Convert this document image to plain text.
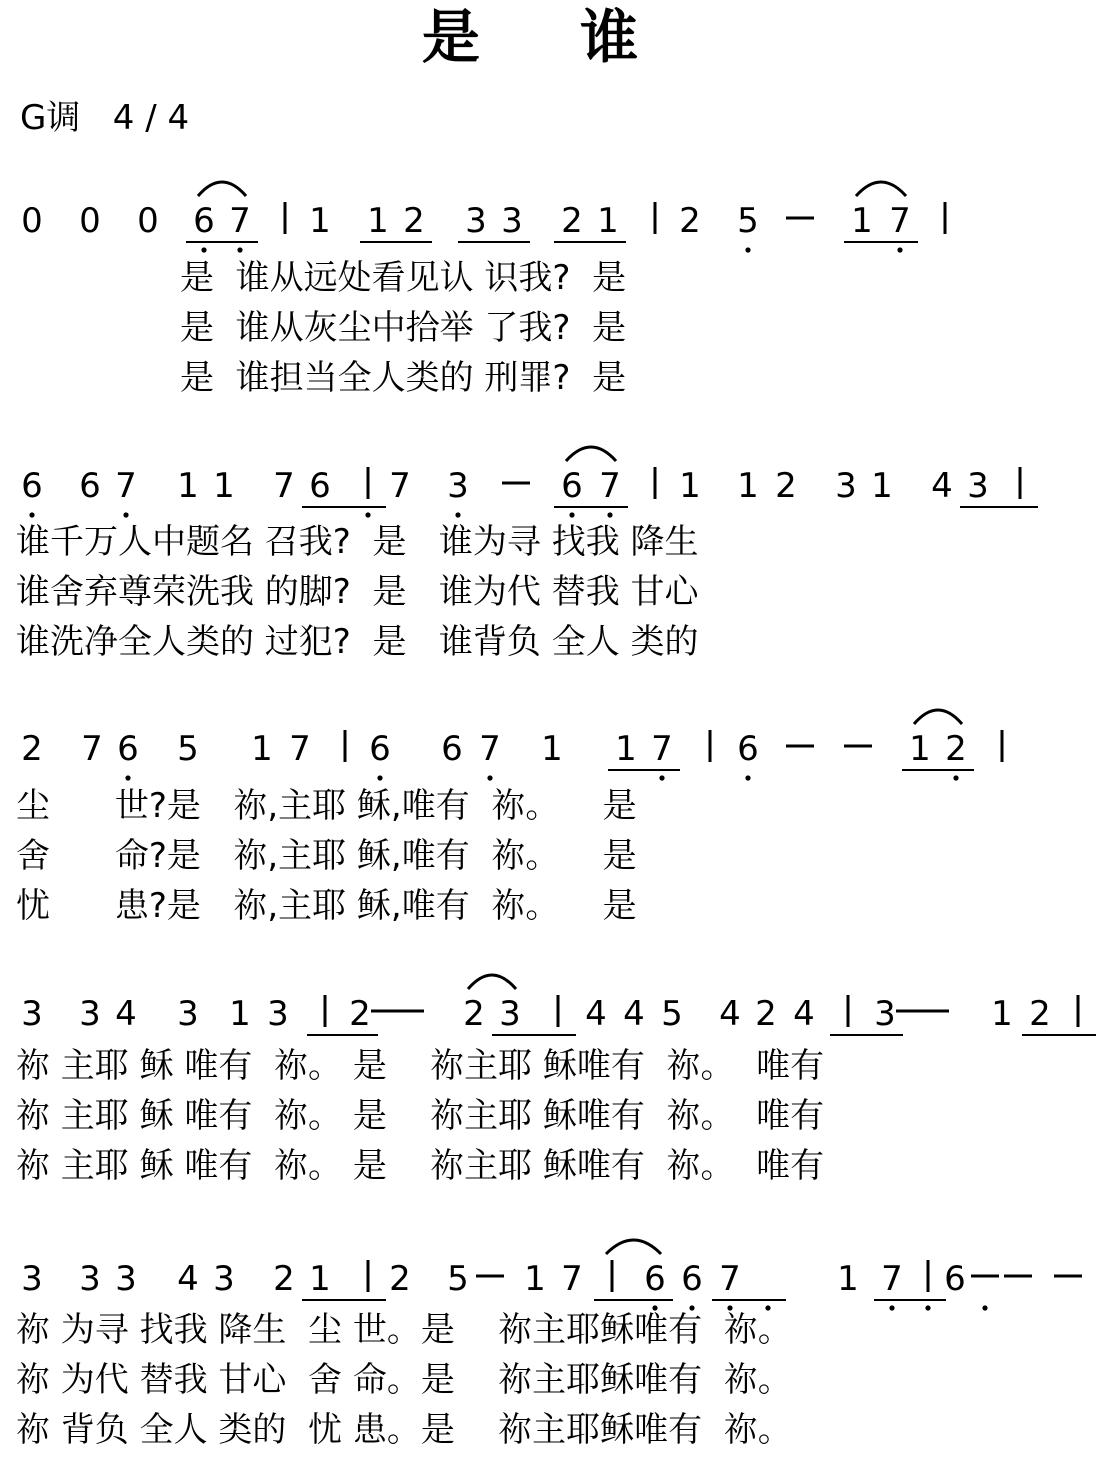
是 谁
G调   4 / 4
0 0 0 6 7 1 1 2 3 3 2 1 2 5	1 7
是  谁从远处看见认 识我?  是
是  谁从灰尘中拾举 了我?  是
是  谁担当全人类的 刑罪?  是
6 6 7 1 1 7 6 7 3	6 7 1 1 2 3 1 4 3
谁千万人中题名 召我?  是   谁为寻 找我 降生
谁舍弃尊荣洗我 的脚?  是   谁为代 替我 甘心
谁洗净全人类的 过犯?  是   谁背负 全人 类的
2 7 6 5 1 7 6 6 7 1 1 7 6	1 2
尘      世?是   祢,主耶 稣,唯有  祢。    是
舍      命?是   祢,主耶 稣,唯有  祢。    是
忧      患?是   祢,主耶 稣,唯有  祢。    是
3 3 4 3 1 3 2	2 3 4 4 5 4 2 4 3	1 2
祢 主耶 稣 唯有  祢。 是    祢主耶 稣唯有  祢。  唯有
祢 主耶 稣 唯有  祢。 是    祢主耶 稣唯有  祢。  唯有
祢 主耶 稣 唯有  祢。 是    祢主耶 稣唯有  祢。  唯有
3 3 3 4 3 2 1 2 5 1 7 6 6 7	1 7 6
祢 为寻 找我 降生  尘 世。是    祢主耶稣唯有  祢。
祢 为代 替我 甘心  舍 命。是    祢主耶稣唯有  祢。
祢 背负 全人 类的  忧 患。是    祢主耶稣唯有  祢。
